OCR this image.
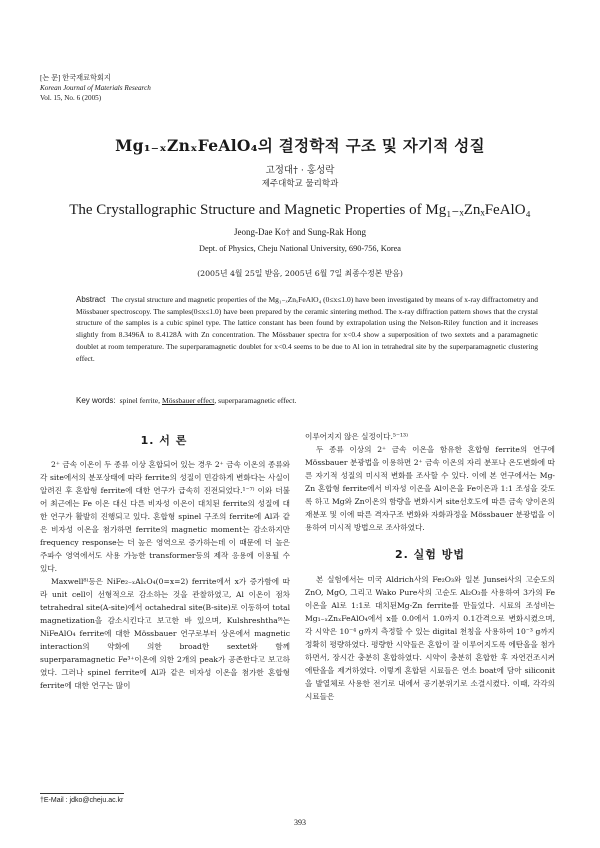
[논 문] 한국재료학회지
Korean Journal of Materials Research
Vol. 15, No. 6 (2005)
Mg₁₋ₓZnₓFeAlO₄의 결정학적 구조 및 자기적 성질
고정대† · 홍성락
제주대학교 물리학과
The Crystallographic Structure and Magnetic Properties of Mg₁₋ₓZnₓFeAlO₄
Jeong-Dae Ko† and Sung-Rak Hong
Dept. of Physics, Cheju National University, 690-756, Korea
(2005년 4월 25일 받음, 2005년 6월 7일 최종수정본 받음)
Abstract The crystal structure and magnetic properties of the Mg₁₋ₓZnₓFeAlO₄ (0≤x≤1.0) have been investigated by means of x-ray diffractometry and Mössbauer spectroscopy. The samples(0≤x≤1.0) have been prepared by the ceramic sintering method. The x-ray diffraction pattern shows that the crystal structure of the samples is a cubic spinel type. The lattice constant has been found by extrapolation using the Nelson-Riley function and it increases slightly from 8.3496Å to 8.4128Å with Zn concentration. The Mössbauer spectra for x<0.4 show a superposition of two sextets and a paramagnetic doublet at room temperature. The superparamagnetic doublet for x<0.4 seems to be due to Al ion in tetrahedral site by the superparamagnetic clustering effect.
Key words: spinel ferrite, Mössbauer effect, superparamagnetic effect.
1. 서 론

2⁺ 금속 이온이 두 종류 이상 혼합되어 있는 경우 2⁺ 금속 이온의 종류와 각 site에서의 분포상태에 따라 ferrite의 성질이 민감하게 변화다는 사실이 알려진 후 혼합형 ferrite에 대한 연구가 급속히 진전되었다.¹⁻⁷⁾ 이와 더불어 최근에는 Fe 이온 대신 다른 비자성 이온이 대치된 ferrite의 성질에 대한 연구가 활발히 진행되고 있다. 혼합형 spinel 구조의 ferrite에 Al과 같은 비자성 이온을 첨가하면 ferrite의 magnetic moment는 감소하지만 frequency response는 더 높은 영역으로 증가하는데 이 때문에 더 높은 주파수 영역에서도 사용 가능한 transformer등의 제작 응용에 이용될 수 있다.

Maxwell⁸⁾등은 NiFe₂₋ₓAlₓO₄(0=x=2) ferrite에서 x가 증가함에 따라 unit cell이 선형적으로 감소하는 것을 관찰하였고, Al 이온이 점차 tetrahedral site(A-site)에서 octahedral site(B-site)로 이동하여 total magnetization을 감소시킨다고 보고한 바 있으며, Kulshreshtha⁹⁾는 NiFeAlO₄ ferrite에 대한 Mössbauer 연구로부터 상온에서 magnetic interaction의 약화에 의한 broad한 sextet와 함께 superparamagnetic Fe³⁺이온에 의한 2개의 peak가 공존한다고 보고하였다. 그러나 spinel ferrite에 Al과 같은 비자성 이온을 첨가한 혼합형 ferrite에 대한 연구는 많이

이루어지지 않은 실정이다.⁵⁻¹³⁾

두 종류 이상의 2⁺ 금속 이온을 함유한 혼합형 ferrite의 연구에 Mössbauer 분광법을 이용하면 2⁺ 금속 이온의 자리 분포나 온도변화에 따른 자기적 성질의 미시적 변화를 조사할 수 있다. 이에 본 연구에서는 Mg-Zn 혼합형 ferrite에서 비자성 이온을 Al이온을 Fe이온과 1:1 조성을 갖도록 하고 Mg와 Zn이온의 함량을 변화시켜 site선호도에 따른 금속 양이온의 재분포 및 이에 따른 격자구조 변화와 자화과정을 Mössbauer 분광법을 이용하여 미시적 방법으로 조사하였다.

2. 실험 방법

본 실험에서는 미국 Aldrich사의 Fe₂O₃와 일본 Junsei사의 고순도의 ZnO, MgO, 그리고 Wako Pure사의 고순도 Al₂O₃를 사용하여 3가의 Fe이온을 Al로 1:1로 대치된Mg-Zn ferrite를 만들었다. 시료의 조성비는 Mg₁₋ₓZnₓFeAlO₄에서 x를 0.0에서 1.0까지 0.1간격으로 변화시켰으며, 각 시약은 10⁻⁴ g까지 측정할 수 있는 digital 천칭을 사용하여 10⁻³ g까지 정확히 평량하였다. 평량한 시약들은 혼합이 잘 이루어지도록 에탄올을 첨가하면서, 장시간 충분히 혼합하였다. 시약이 충분히 혼합한 후 자연건조시켜 에탄올을 제거하였다. 이렇게 혼합된 시료들은 연소 boat에 담아 siliconit을 발열체로 사용한 전기로 내에서 공기분위기로 소결시켰다. 이때, 각각의 시료들은

†E-Mail : jdko@cheju.ac.kr
393
